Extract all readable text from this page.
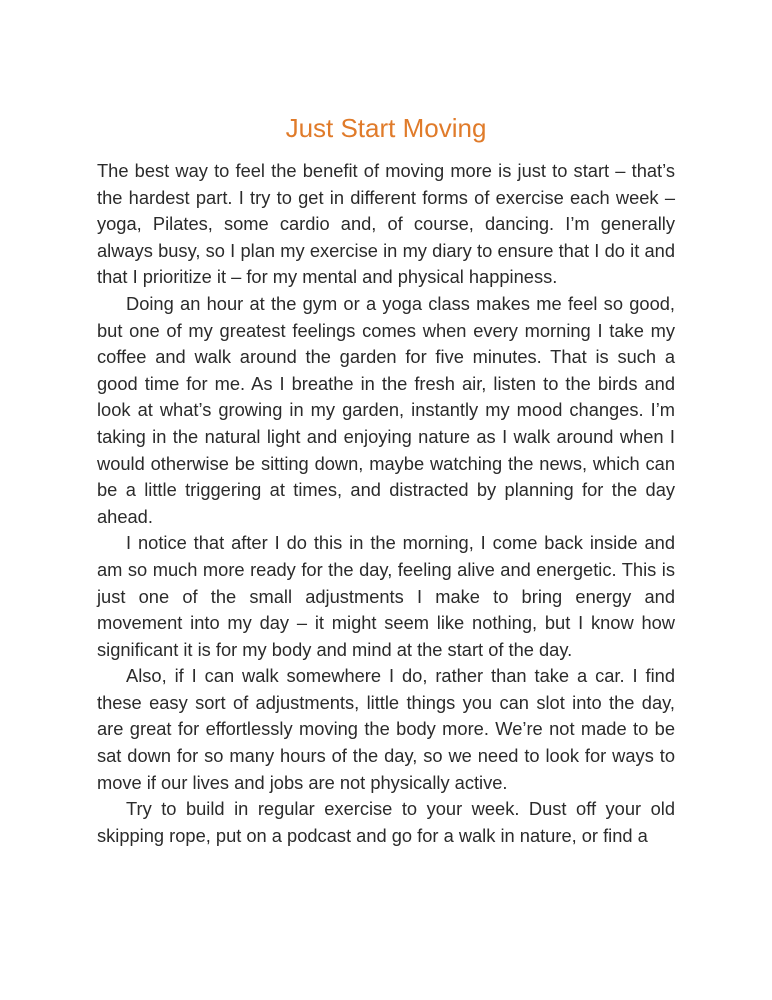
Just Start Moving

The best way to feel the benefit of moving more is just to start – that’s the hardest part. I try to get in different forms of exercise each week – yoga, Pilates, some cardio and, of course, dancing. I’m generally always busy, so I plan my exercise in my diary to ensure that I do it and that I prioritize it – for my mental and physical happiness.

Doing an hour at the gym or a yoga class makes me feel so good, but one of my greatest feelings comes when every morning I take my coffee and walk around the garden for five minutes. That is such a good time for me. As I breathe in the fresh air, listen to the birds and look at what’s growing in my garden, instantly my mood changes. I’m taking in the natural light and enjoying nature as I walk around when I would otherwise be sitting down, maybe watching the news, which can be a little triggering at times, and distracted by planning for the day ahead.

I notice that after I do this in the morning, I come back inside and am so much more ready for the day, feeling alive and energetic. This is just one of the small adjustments I make to bring energy and movement into my day – it might seem like nothing, but I know how significant it is for my body and mind at the start of the day.

Also, if I can walk somewhere I do, rather than take a car. I find these easy sort of adjustments, little things you can slot into the day, are great for effortlessly moving the body more. We’re not made to be sat down for so many hours of the day, so we need to look for ways to move if our lives and jobs are not physically active.

Try to build in regular exercise to your week. Dust off your old skipping rope, put on a podcast and go for a walk in nature, or find a
